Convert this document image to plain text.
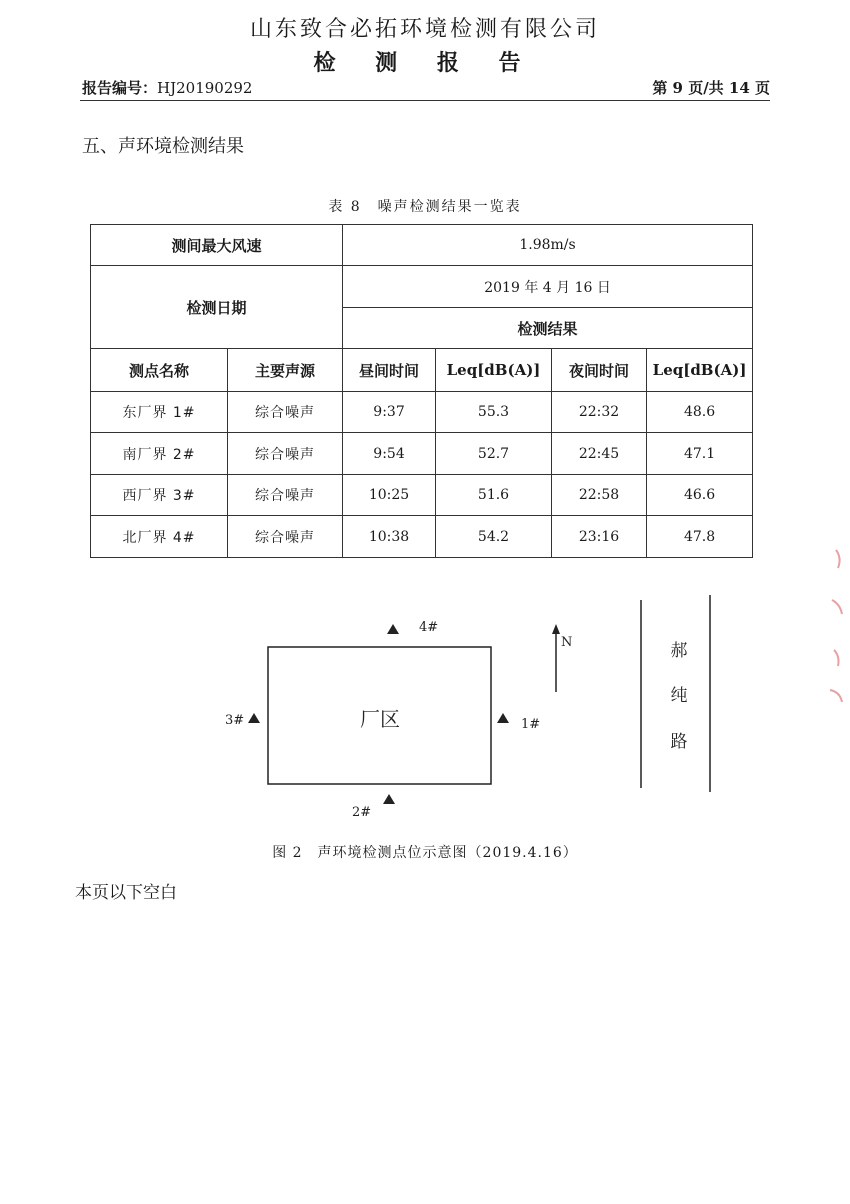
山东致合必拓环境检测有限公司
检 测 报 告
报告编号：HJ20190292	第 9 页/共 14 页
五、声环境检测结果
表 8　噪声检测结果一览表
测间最大风速		1.98m/s			
检测日期		2019 年 4 月 16 日			
		检测结果			
测点名称	主要声源	昼间时间	Leq[dB(A)]	夜间时间	Leq[dB(A)]
东厂界 1#	综合噪声	9:37	55.3	22:32	48.6
南厂界 2#	综合噪声	9:54	52.7	22:45	47.1
西厂界 3#	综合噪声	10:25	51.6	22:58	46.6
北厂界 4#	综合噪声	10:38	54.2	23:16	47.8
厂区
4#
1#
3#
2#
N	郝
纯
路
图 2　声环境检测点位示意图（2019.4.16）
本页以下空白
